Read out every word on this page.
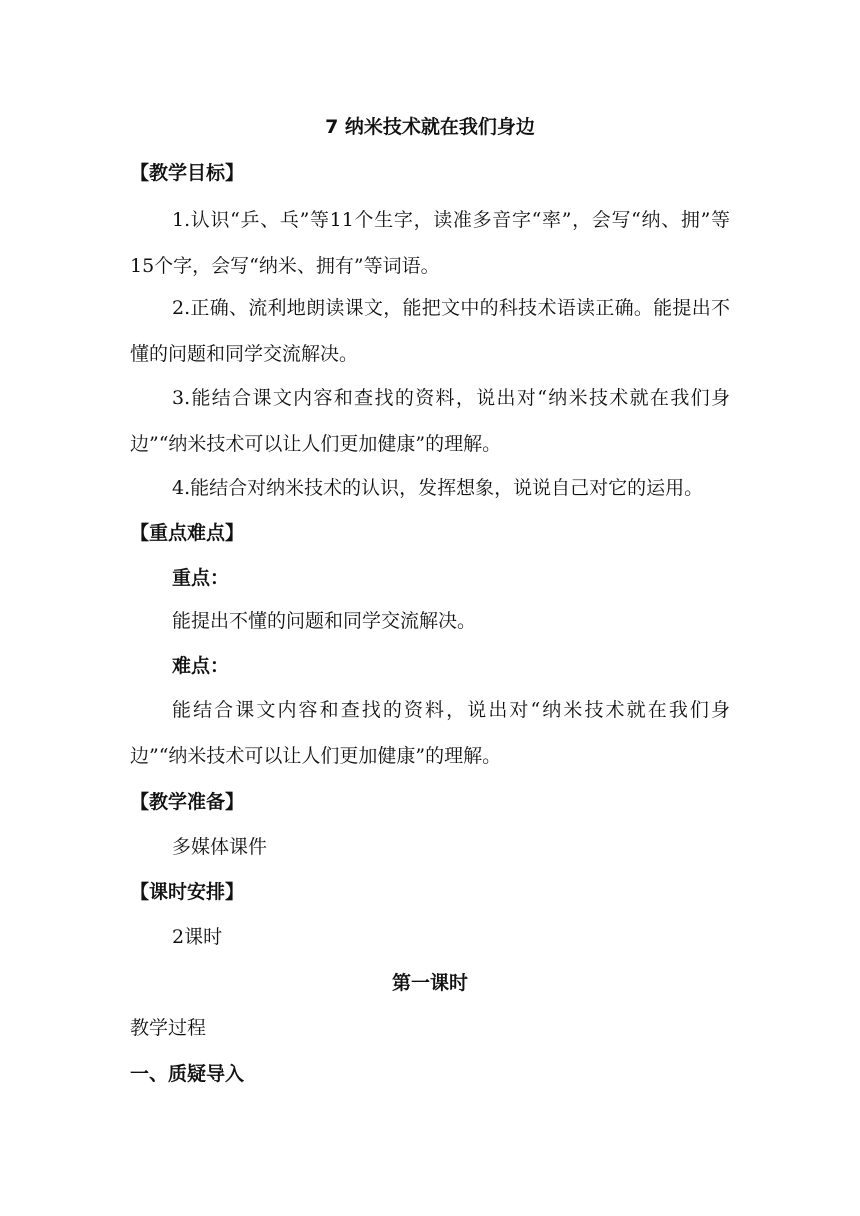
7 纳米技术就在我们身边
【教学目标】

1.认识“乒、乓”等11个生字，读准多音字“率”，会写“纳、拥”等15个字，会写“纳米、拥有”等词语。

2.正确、流利地朗读课文，能把文中的科技术语读正确。能提出不懂的问题和同学交流解决。

3.能结合课文内容和查找的资料，说出对“纳米技术就在我们身边”“纳米技术可以让人们更加健康”的理解。

4.能结合对纳米技术的认识，发挥想象，说说自己对它的运用。

【重点难点】
重点：
能提出不懂的问题和同学交流解决。
难点：

能结合课文内容和查找的资料，说出对“纳米技术就在我们身边”“纳米技术可以让人们更加健康”的理解。

【教学准备】
多媒体课件
【课时安排】
2课时
第一课时
教学过程
一、质疑导入
